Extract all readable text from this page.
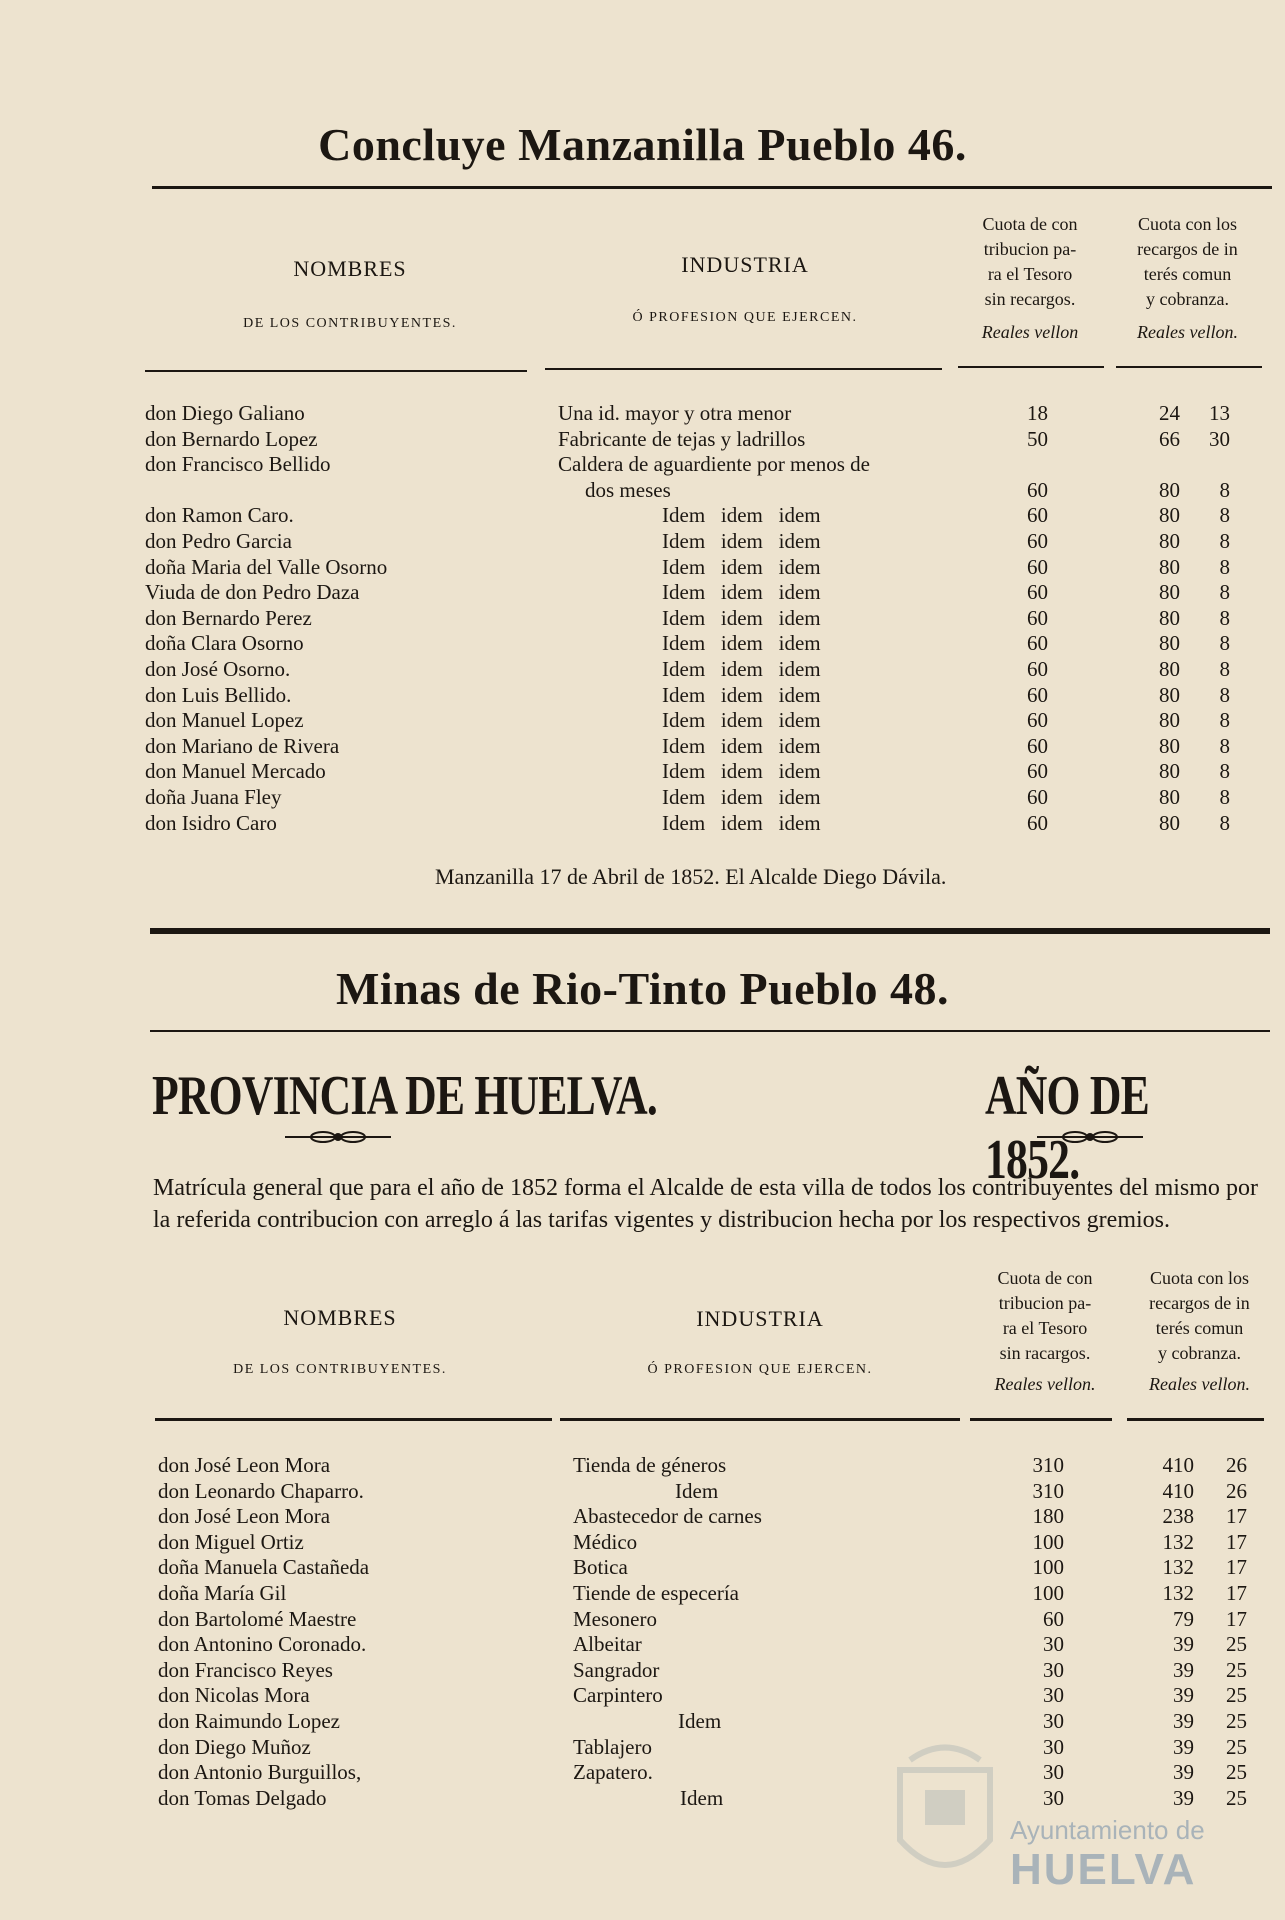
Concluye Manzanilla Pueblo 46.
NOMBRES
DE LOS CONTRIBUYENTES.
INDUSTRIA
Ó PROFESION QUE EJERCEN.
Cuota de con
tribucion pa-
ra el Tesoro
sin recargos.
Reales vellon
Cuota con los
recargos de in
terés comun
y cobranza.
Reales vellon.
don Diego Galiano	Una id. mayor y otra menor	18	24 13
don Bernardo Lopez	Fabricante de tejas y ladrillos	50	66 30
don Francisco Bellido	Caldera de aguardiente por menos de
dos meses	60	80 8
don Ramon Caro.	Idem   idem   idem	60	80 8
don Pedro Garcia	Idem   idem   idem	60	80 8
doña Maria del Valle Osorno	Idem   idem   idem	60	80 8
Viuda de don Pedro Daza	Idem   idem   idem	60	80 8
don Bernardo Perez	Idem   idem   idem	60	80 8
doña Clara Osorno	Idem   idem   idem	60	80 8
don José Osorno.	Idem   idem   idem	60	80 8
don Luis Bellido.	Idem   idem   idem	60	80 8
don Manuel Lopez	Idem   idem   idem	60	80 8
don Mariano de Rivera	Idem   idem   idem	60	80 8
don Manuel Mercado	Idem   idem   idem	60	80 8
doña Juana Fley	Idem   idem   idem	60	80 8
don Isidro Caro	Idem   idem   idem	60	80 8
Manzanilla 17 de Abril de 1852. El Alcalde Diego Dávila.
Minas de Rio-Tinto Pueblo 48.
PROVINCIA DE HUELVA.	AÑO DE 1852.
Matrícula general que para el año de 1852 forma el Alcalde de esta villa de todos los contribuyentes del mismo por la referida contribucion con arreglo á las tarifas vigentes y distribucion hecha por los respectivos gremios.
NOMBRES
DE LOS CONTRIBUYENTES.
INDUSTRIA
Ó PROFESION QUE EJERCEN.
Cuota de con
tribucion pa-
ra el Tesoro
sin racargos.
Reales vellon.
Cuota con los
recargos de in
terés comun
y cobranza.
Reales vellon.
don José Leon Mora	Tienda de géneros	310	410 26
don Leonardo Chaparro.	Idem	310	410 26
don José Leon Mora	Abastecedor de carnes	180	238 17
don Miguel Ortiz	Médico	100	132 17
doña Manuela Castañeda	Botica	100	132 17
doña María Gil	Tiende de especería	100	132 17
don Bartolomé Maestre	Mesonero	60	79 17
don Antonino Coronado.	Albeitar	30	39 25
don Francisco Reyes	Sangrador	30	39 25
don Nicolas Mora	Carpintero	30	39 25
don Raimundo Lopez	Idem	30	39 25
don Diego Muñoz	Tablajero	30	39 25
don Antonio Burguillos,	Zapatero.	30	39 25
don Tomas Delgado	Idem	30	39 25
Ayuntamiento de
HUELVA
